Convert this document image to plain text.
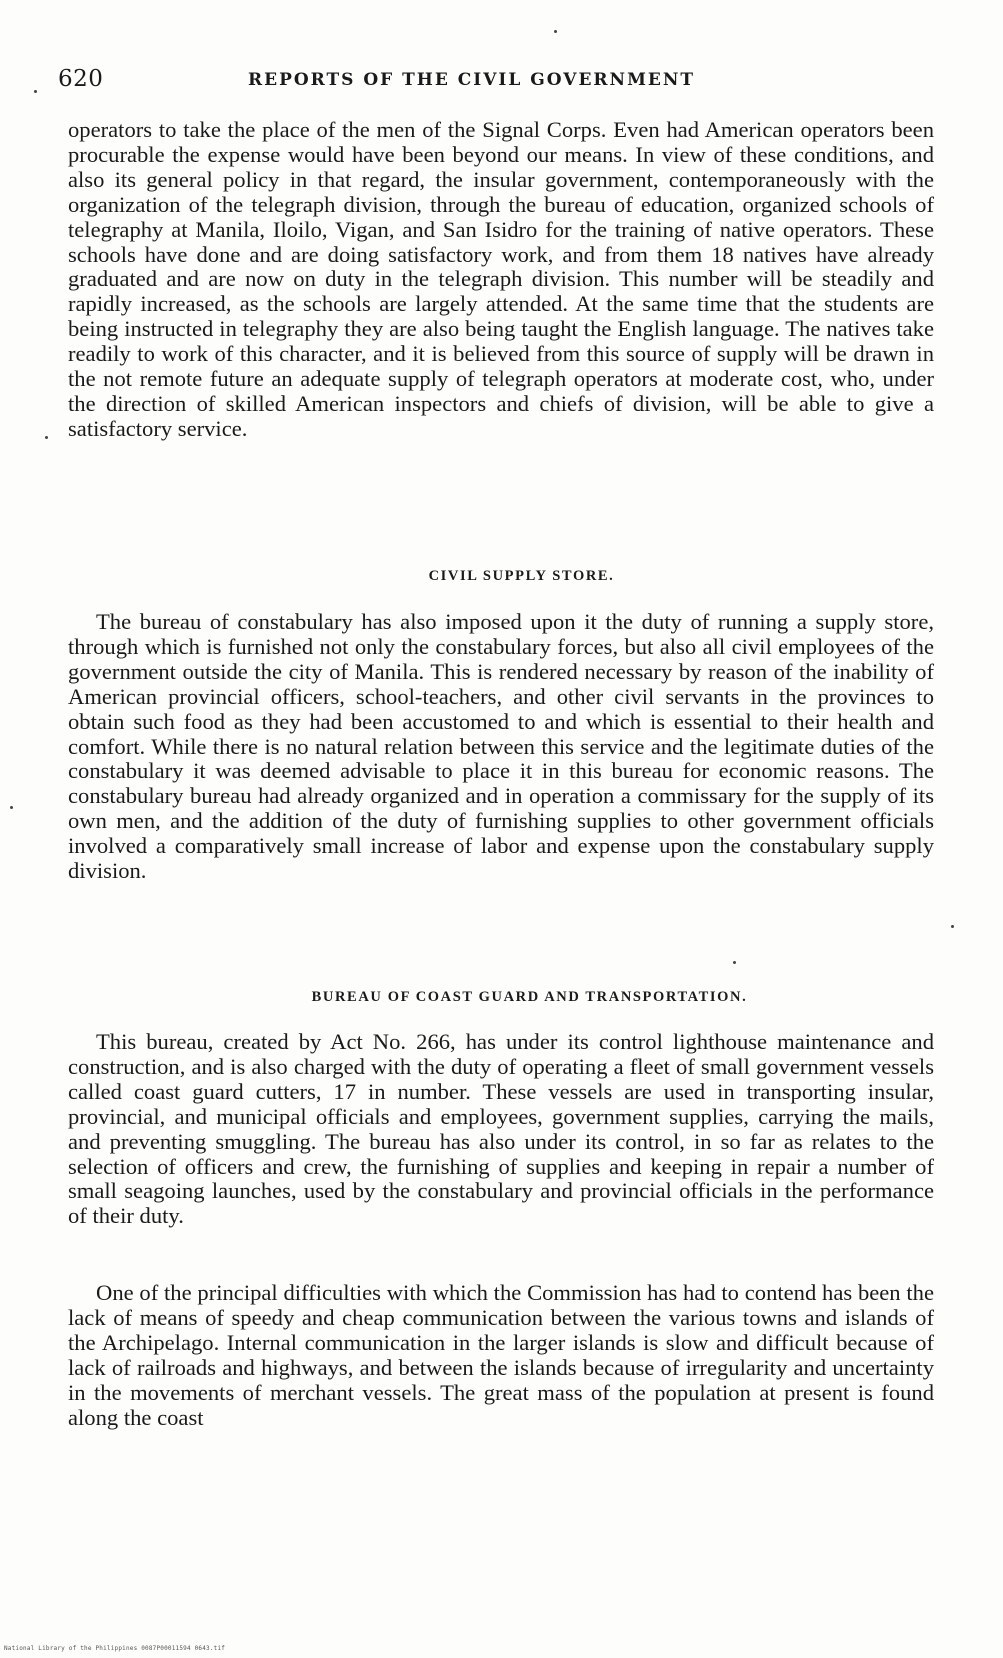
620	REPORTS OF THE CIVIL GOVERNMENT

operators to take the place of the men of the Signal Corps. Even had American operators been procurable the expense would have been beyond our means. In view of these conditions, and also its general policy in that regard, the insular government, contemporaneously with the organization of the telegraph division, through the bureau of education, organized schools of telegraphy at Manila, Iloilo, Vigan, and San Isidro for the training of native operators. These schools have done and are doing satisfactory work, and from them 18 natives have already graduated and are now on duty in the telegraph division. This number will be steadily and rapidly increased, as the schools are largely attended. At the same time that the students are being instructed in telegraphy they are also being taught the English language. The natives take readily to work of this character, and it is believed from this source of supply will be drawn in the not remote future an adequate supply of telegraph operators at moderate cost, who, under the direction of skilled American inspectors and chiefs of division, will be able to give a satisfactory service.

CIVIL SUPPLY STORE.

The bureau of constabulary has also imposed upon it the duty of running a supply store, through which is furnished not only the constabulary forces, but also all civil employees of the government outside the city of Manila. This is rendered necessary by reason of the inability of American provincial officers, school-teachers, and other civil servants in the provinces to obtain such food as they had been accustomed to and which is essential to their health and comfort. While there is no natural relation between this service and the legitimate duties of the constabulary it was deemed advisable to place it in this bureau for economic reasons. The constabulary bureau had already organized and in operation a commissary for the supply of its own men, and the addition of the duty of furnishing supplies to other government officials involved a comparatively small increase of labor and expense upon the constabulary supply division.

BUREAU OF COAST GUARD AND TRANSPORTATION.

This bureau, created by Act No. 266, has under its control lighthouse maintenance and construction, and is also charged with the duty of operating a fleet of small government vessels called coast guard cutters, 17 in number. These vessels are used in transporting insular, provincial, and municipal officials and employees, government supplies, carrying the mails, and preventing smuggling. The bureau has also under its control, in so far as relates to the selection of officers and crew, the furnishing of supplies and keeping in repair a number of small seagoing launches, used by the constabulary and provincial officials in the performance of their duty.

One of the principal difficulties with which the Commission has had to contend has been the lack of means of speedy and cheap communication between the various towns and islands of the Archipelago. Internal communication in the larger islands is slow and difficult because of lack of railroads and highways, and between the islands because of irregularity and uncertainty in the movements of merchant vessels. The great mass of the population at present is found along the coast

National Library of the Philippines 0087P00011594 0643.tif
